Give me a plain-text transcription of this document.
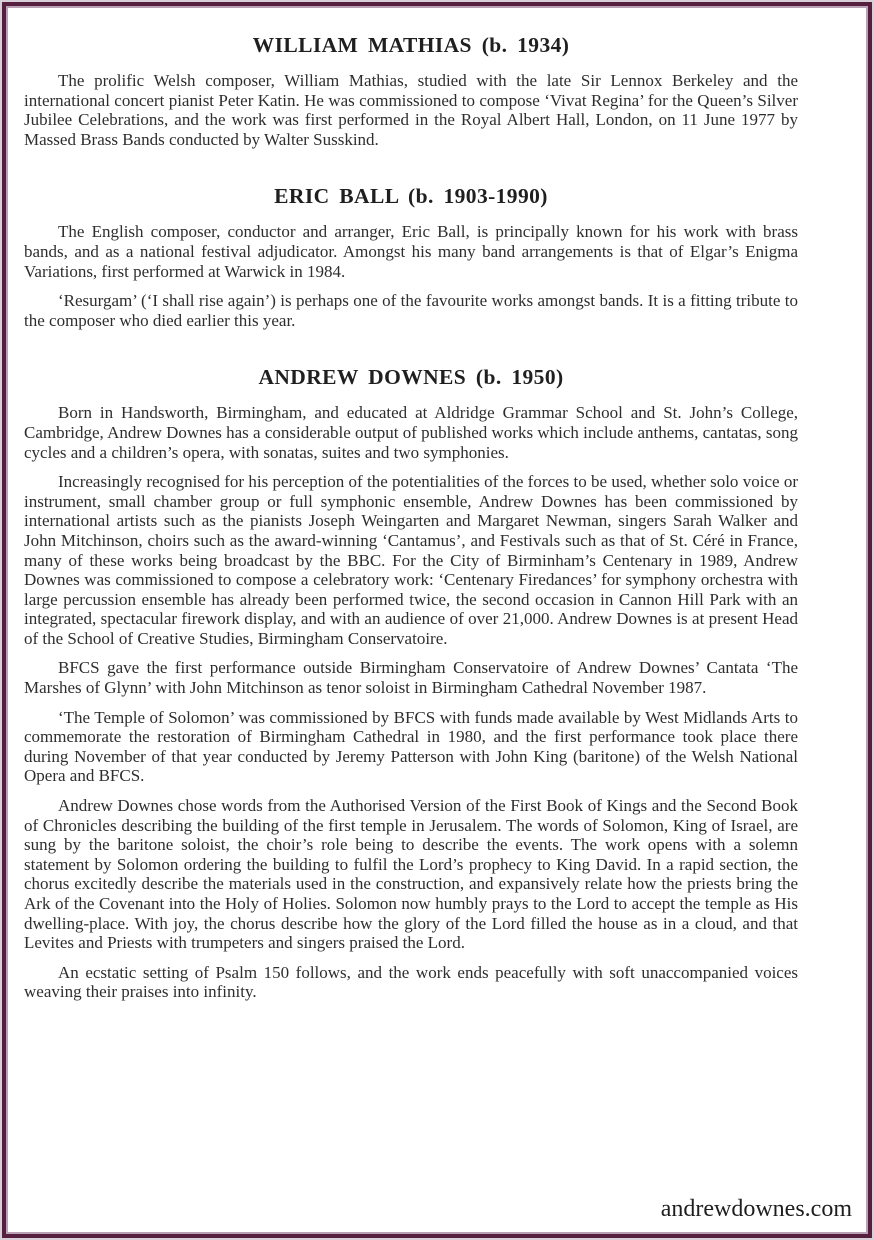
WILLIAM MATHIAS (b. 1934)

The prolific Welsh composer, William Mathias, studied with the late Sir Lennox Berkeley and the international concert pianist Peter Katin. He was commissioned to compose ‘Vivat Regina’ for the Queen’s Silver Jubilee Celebrations, and the work was first performed in the Royal Albert Hall, London, on 11 June 1977 by Massed Brass Bands conducted by Walter Susskind.

ERIC BALL (b. 1903-1990)

The English composer, conductor and arranger, Eric Ball, is principally known for his work with brass bands, and as a national festival adjudicator. Amongst his many band arrangements is that of Elgar’s Enigma Variations, first performed at Warwick in 1984.

‘Resurgam’ (‘I shall rise again’) is perhaps one of the favourite works amongst bands. It is a fitting tribute to the composer who died earlier this year.

ANDREW DOWNES (b. 1950)

Born in Handsworth, Birmingham, and educated at Aldridge Grammar School and St. John’s College, Cambridge, Andrew Downes has a considerable output of published works which include anthems, cantatas, song cycles and a children’s opera, with sonatas, suites and two symphonies.

Increasingly recognised for his perception of the potentialities of the forces to be used, whether solo voice or instrument, small chamber group or full symphonic ensemble, Andrew Downes has been commissioned by international artists such as the pianists Joseph Weingarten and Margaret Newman, singers Sarah Walker and John Mitchinson, choirs such as the award-winning ‘Cantamus’, and Festivals such as that of St. Céré in France, many of these works being broadcast by the BBC. For the City of Birminham’s Centenary in 1989, Andrew Downes was commissioned to compose a celebratory work: ‘Centenary Firedances’ for symphony orchestra with large percussion ensemble has already been performed twice, the second occasion in Cannon Hill Park with an integrated, spectacular firework display, and with an audience of over 21,000. Andrew Downes is at present Head of the School of Creative Studies, Birmingham Conservatoire.

BFCS gave the first performance outside Birmingham Conservatoire of Andrew Downes’ Cantata ‘The Marshes of Glynn’ with John Mitchinson as tenor soloist in Birmingham Cathedral November 1987.

‘The Temple of Solomon’ was commissioned by BFCS with funds made available by West Midlands Arts to commemorate the restoration of Birmingham Cathedral in 1980, and the first performance took place there during November of that year conducted by Jeremy Patterson with John King (baritone) of the Welsh National Opera and BFCS.

Andrew Downes chose words from the Authorised Version of the First Book of Kings and the Second Book of Chronicles describing the building of the first temple in Jerusalem. The words of Solomon, King of Israel, are sung by the baritone soloist, the choir’s role being to describe the events. The work opens with a solemn statement by Solomon ordering the building to fulfil the Lord’s prophecy to King David. In a rapid section, the chorus excitedly describe the materials used in the construction, and expansively relate how the priests bring the Ark of the Covenant into the Holy of Holies. Solomon now humbly prays to the Lord to accept the temple as His dwelling-place. With joy, the chorus describe how the glory of the Lord filled the house as in a cloud, and that Levites and Priests with trumpeters and singers praised the Lord.

An ecstatic setting of Psalm 150 follows, and the work ends peacefully with soft unaccompanied voices weaving their praises into infinity.

andrewdownes.com
